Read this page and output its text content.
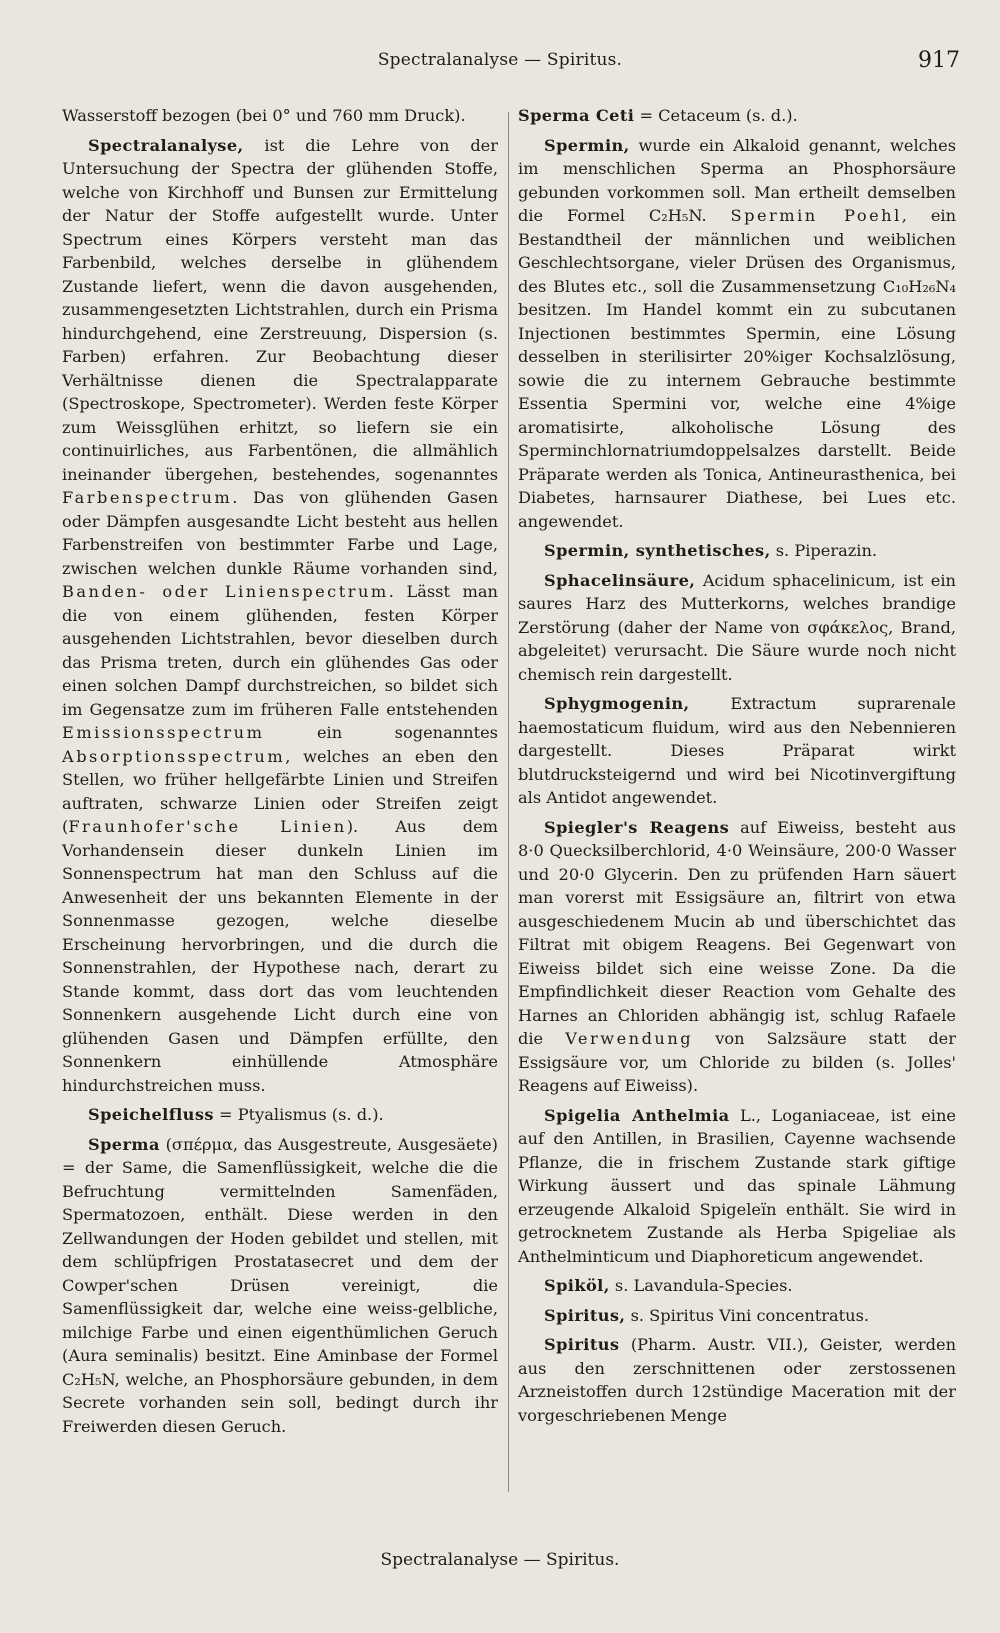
Spectralanalyse — Spiritus.	917

Wasserstoff bezogen (bei 0° und 760 mm Druck).

Spectralanalyse, ist die Lehre von der Untersuchung der Spectra der glühenden Stoffe, welche von Kirchhoff und Bunsen zur Ermittelung der Natur der Stoffe aufgestellt wurde. Unter Spectrum eines Körpers versteht man das Farbenbild, welches derselbe in glühendem Zustande liefert, wenn die davon ausgehenden, zusammengesetzten Lichtstrahlen, durch ein Prisma hindurchgehend, eine Zerstreuung, Dispersion (s. Farben) erfahren. Zur Beobachtung dieser Verhältnisse dienen die Spectralapparate (Spectroskope, Spectrometer). Werden feste Körper zum Weissglühen erhitzt, so liefern sie ein continuirliches, aus Farbentönen, die allmählich ineinander übergehen, bestehendes, sogenanntes Farbenspectrum. Das von glühenden Gasen oder Dämpfen ausgesandte Licht besteht aus hellen Farbenstreifen von bestimmter Farbe und Lage, zwischen welchen dunkle Räume vorhanden sind, Banden- oder Linienspectrum. Lässt man die von einem glühenden, festen Körper ausgehenden Lichtstrahlen, bevor dieselben durch das Prisma treten, durch ein glühendes Gas oder einen solchen Dampf durchstreichen, so bildet sich im Gegensatze zum im früheren Falle entstehenden Emissionsspectrum ein sogenanntes Absorptionsspectrum, welches an eben den Stellen, wo früher hellgefärbte Linien und Streifen auftraten, schwarze Linien oder Streifen zeigt (Fraunhofer'sche Linien). Aus dem Vorhandensein dieser dunkeln Linien im Sonnenspectrum hat man den Schluss auf die Anwesenheit der uns bekannten Elemente in der Sonnenmasse gezogen, welche dieselbe Erscheinung hervorbringen, und die durch die Sonnenstrahlen, der Hypothese nach, derart zu Stande kommt, dass dort das vom leuchtenden Sonnenkern ausgehende Licht durch eine von glühenden Gasen und Dämpfen erfüllte, den Sonnenkern einhüllende Atmosphäre hindurchstreichen muss.

Speichelfluss = Ptyalismus (s. d.).

Sperma (σπέρμα, das Ausgestreute, Ausgesäete) = der Same, die Samenflüssigkeit, welche die die Befruchtung vermittelnden Samenfäden, Spermatozoen, enthält. Diese werden in den Zellwandungen der Hoden gebildet und stellen, mit dem schlüpfrigen Prostatasecret und dem der Cowper'schen Drüsen vereinigt, die Samenflüssigkeit dar, welche eine weiss-gelbliche, milchige Farbe und einen eigenthümlichen Geruch (Aura seminalis) besitzt. Eine Aminbase der Formel C₂H₅N, welche, an Phosphorsäure gebunden, in dem Secrete vorhanden sein soll, bedingt durch ihr Freiwerden diesen Geruch.

Sperma Ceti = Cetaceum (s. d.).

Spermin, wurde ein Alkaloid genannt, welches im menschlichen Sperma an Phosphorsäure gebunden vorkommen soll. Man ertheilt demselben die Formel C₂H₅N. Spermin Poehl, ein Bestandtheil der männlichen und weiblichen Geschlechtsorgane, vieler Drüsen des Organismus, des Blutes etc., soll die Zusammensetzung C₁₀H₂₆N₄ besitzen. Im Handel kommt ein zu subcutanen Injectionen bestimmtes Spermin, eine Lösung desselben in sterilisirter 20%iger Kochsalzlösung, sowie die zu internem Gebrauche bestimmte Essentia Spermini vor, welche eine 4%ige aromatisirte, alkoholische Lösung des Sperminchlornatriumdoppelsalzes darstellt. Beide Präparate werden als Tonica, Antineurasthenica, bei Diabetes, harnsaurer Diathese, bei Lues etc. angewendet.

Spermin, synthetisches, s. Piperazin.

Sphacelinsäure, Acidum sphacelinicum, ist ein saures Harz des Mutterkorns, welches brandige Zerstörung (daher der Name von σφάκελος, Brand, abgeleitet) verursacht. Die Säure wurde noch nicht chemisch rein dargestellt.

Sphygmogenin, Extractum suprarenale haemostaticum fluidum, wird aus den Nebennieren dargestellt. Dieses Präparat wirkt blutdrucksteigernd und wird bei Nicotinvergiftung als Antidot angewendet.

Spiegler's Reagens auf Eiweiss, besteht aus 8·0 Quecksilberchlorid, 4·0 Weinsäure, 200·0 Wasser und 20·0 Glycerin. Den zu prüfenden Harn säuert man vorerst mit Essigsäure an, filtrirt von etwa ausgeschiedenem Mucin ab und überschichtet das Filtrat mit obigem Reagens. Bei Gegenwart von Eiweiss bildet sich eine weisse Zone. Da die Empfindlichkeit dieser Reaction vom Gehalte des Harnes an Chloriden abhängig ist, schlug Rafaele die Verwendung von Salzsäure statt der Essigsäure vor, um Chloride zu bilden (s. Jolles' Reagens auf Eiweiss).

Spigelia Anthelmia L., Loganiaceae, ist eine auf den Antillen, in Brasilien, Cayenne wachsende Pflanze, die in frischem Zustande stark giftige Wirkung äussert und das spinale Lähmung erzeugende Alkaloid Spigeleïn enthält. Sie wird in getrocknetem Zustande als Herba Spigeliae als Anthelminticum und Diaphoreticum angewendet.

Spiköl, s. Lavandula-Species.

Spiritus, s. Spiritus Vini concentratus.

Spiritus (Pharm. Austr. VII.), Geister, werden aus den zerschnittenen oder zerstossenen Arzneistoffen durch 12stündige Maceration mit der vorgeschriebenen Menge

Spectralanalyse — Spiritus.
